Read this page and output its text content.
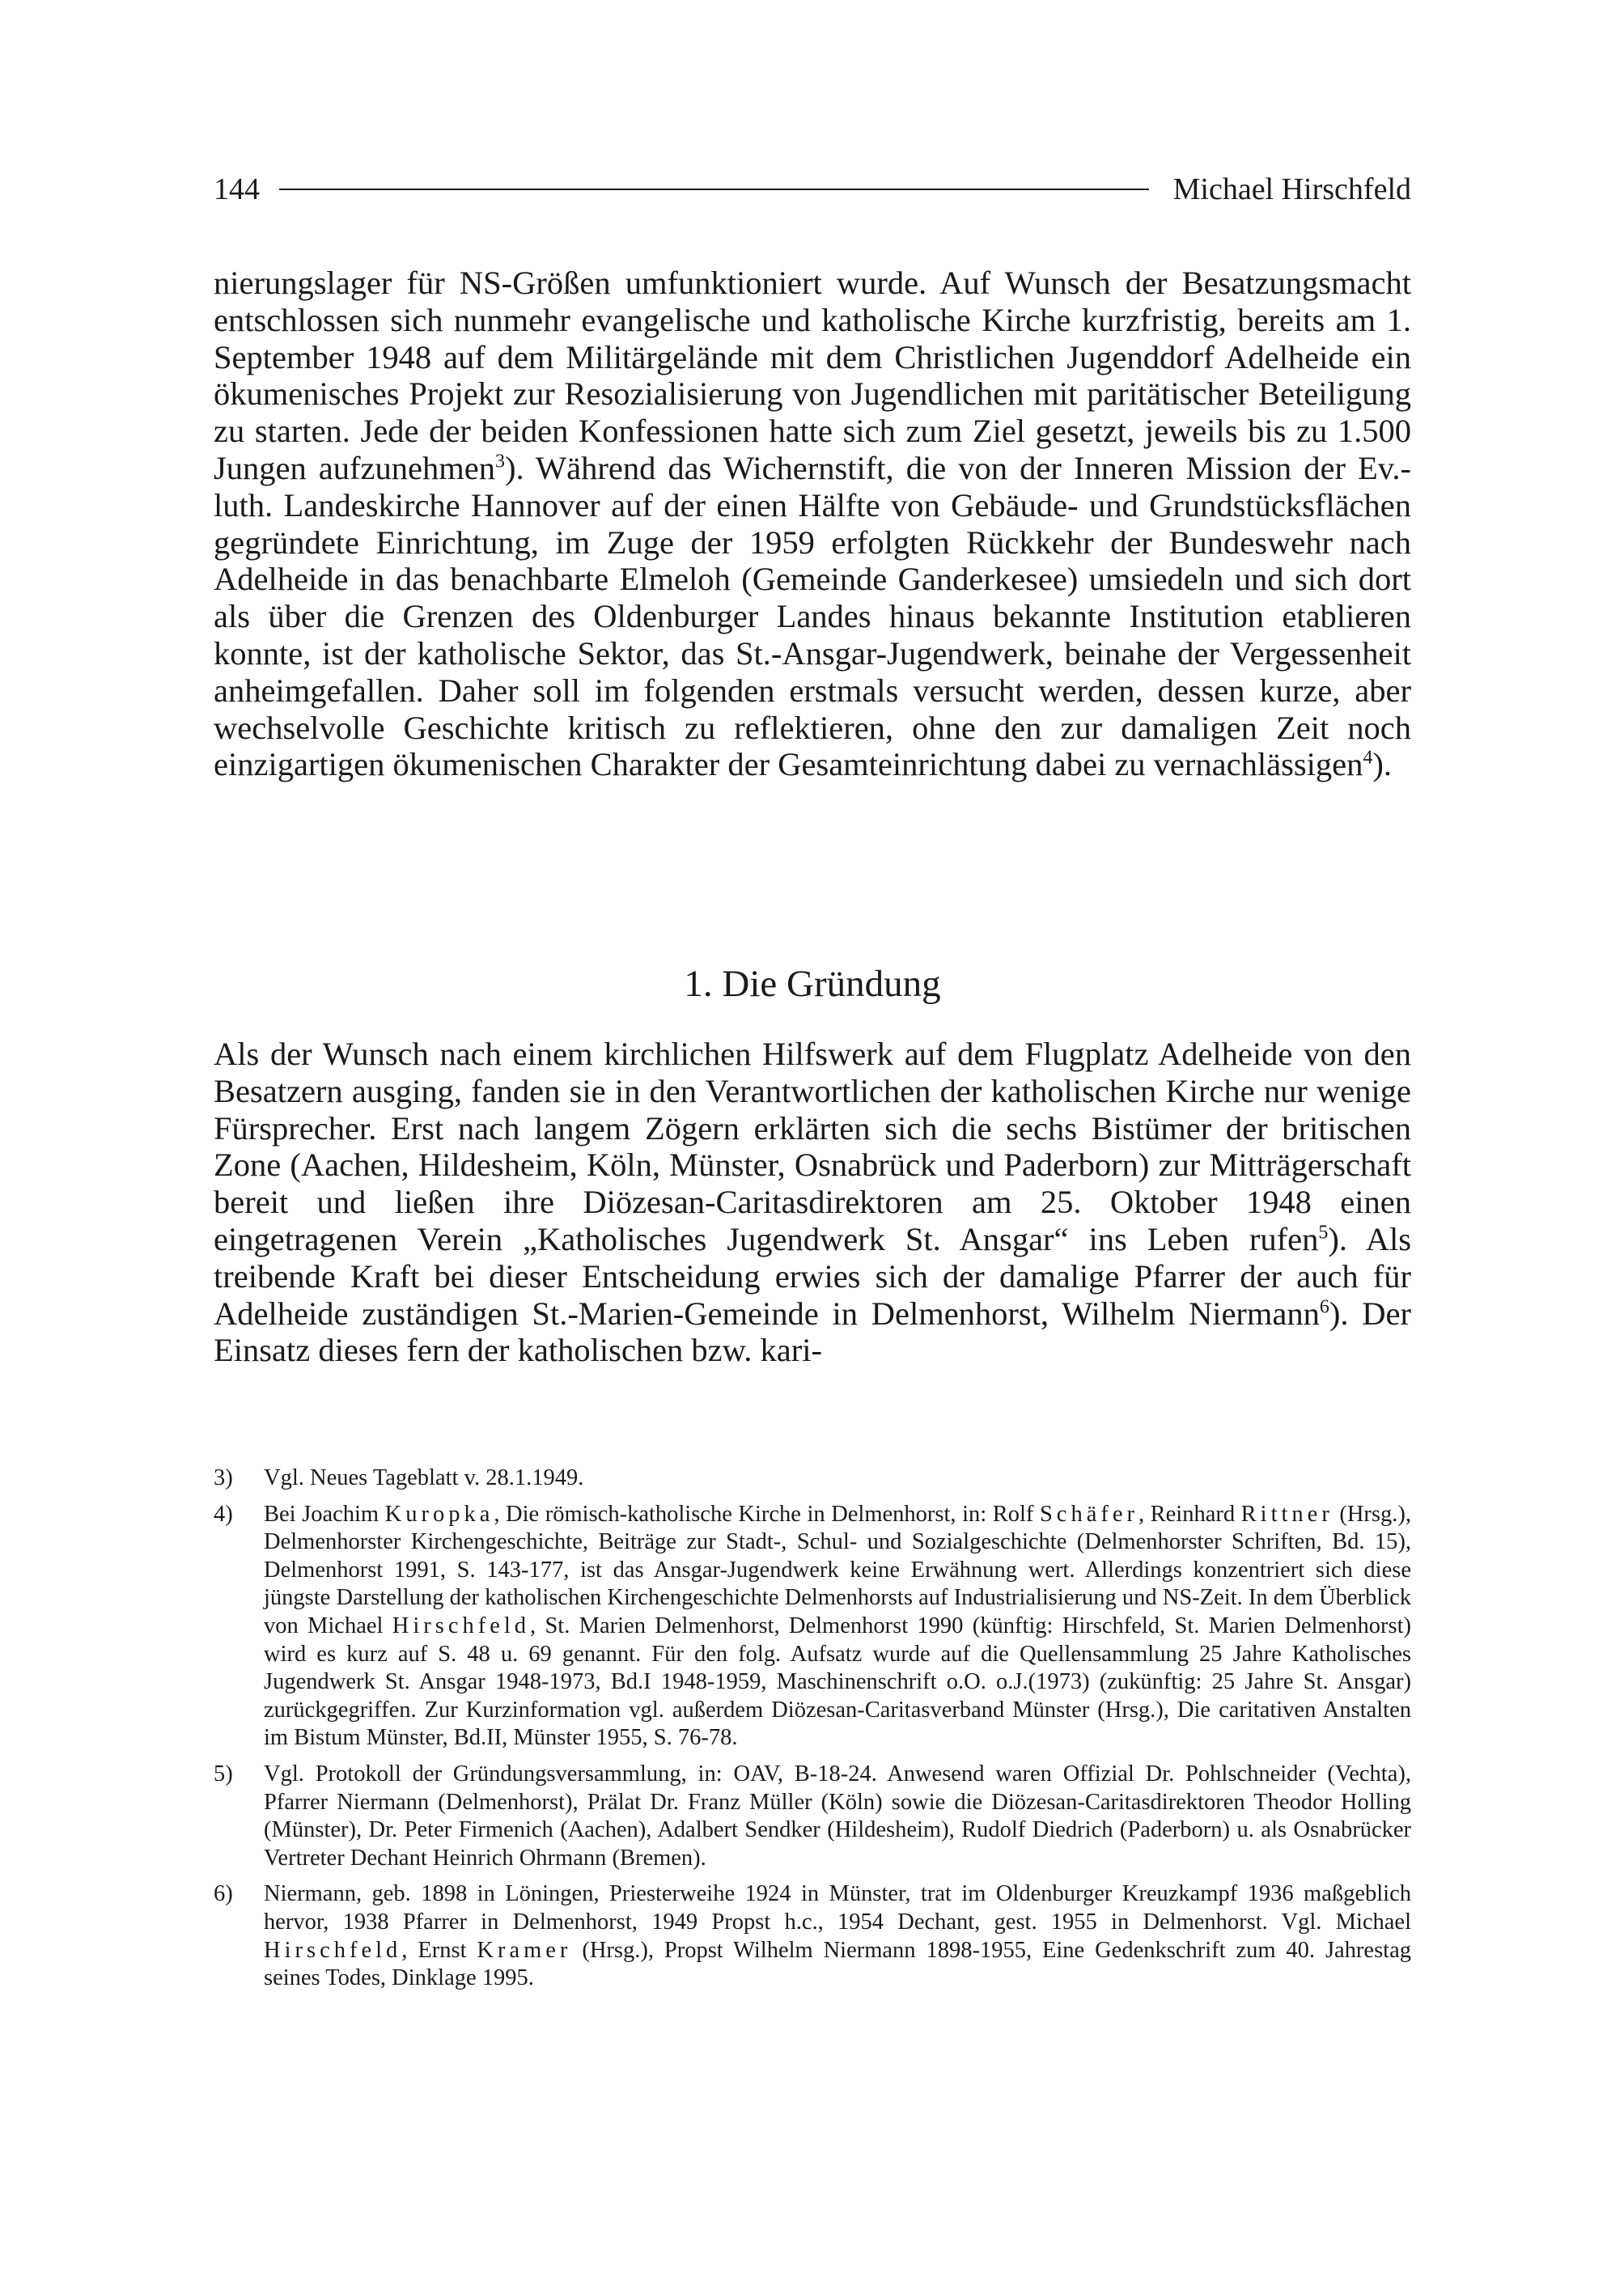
144	Michael Hirschfeld

nierungslager für NS-Größen umfunktioniert wurde. Auf Wunsch der Besatzungsmacht entschlossen sich nunmehr evangelische und katholische Kirche kurzfristig, bereits am 1. September 1948 auf dem Militärgelände mit dem Christlichen Jugenddorf Adelheide ein ökumenisches Projekt zur Resozialisierung von Jugendlichen mit paritätischer Beteiligung zu starten. Jede der beiden Konfessionen hatte sich zum Ziel gesetzt, jeweils bis zu 1.500 Jungen aufzunehmen$^3$). Während das Wichernstift, die von der Inneren Mission der Ev.-luth. Landeskirche Hannover auf der einen Hälfte von Gebäude- und Grundstücksflächen gegründete Einrichtung, im Zuge der 1959 erfolgten Rückkehr der Bundeswehr nach Adelheide in das benachbarte Elmeloh (Gemeinde Ganderkesee) umsiedeln und sich dort als über die Grenzen des Oldenburger Landes hinaus bekannte Institution etablieren konnte, ist der katholische Sektor, das St.-Ansgar-Jugendwerk, beinahe der Vergessenheit anheimgefallen. Daher soll im folgenden erstmals versucht werden, dessen kurze, aber wechselvolle Geschichte kritisch zu reflektieren, ohne den zur damaligen Zeit noch einzigartigen ökumenischen Charakter der Gesamteinrichtung dabei zu vernachlässigen$^4$).

1. Die Gründung

Als der Wunsch nach einem kirchlichen Hilfswerk auf dem Flugplatz Adelheide von den Besatzern ausging, fanden sie in den Verantwortlichen der katholischen Kirche nur wenige Fürsprecher. Erst nach langem Zögern erklärten sich die sechs Bistümer der britischen Zone (Aachen, Hildesheim, Köln, Münster, Osnabrück und Paderborn) zur Mitträgerschaft bereit und ließen ihre Diözesan-Caritasdirektoren am 25. Oktober 1948 einen eingetragenen Verein „Katholisches Jugendwerk St. Ansgar“ ins Leben rufen$^5$). Als treibende Kraft bei dieser Entscheidung erwies sich der damalige Pfarrer der auch für Adelheide zuständigen St.-Marien-Gemeinde in Delmenhorst, Wilhelm Niermann$^6$). Der Einsatz dieses fern der katholischen bzw. kari-

3)	Vgl. Neues Tageblatt v. 28.1.1949.
4)	Bei Joachim Kuropka, Die römisch-katholische Kirche in Delmenhorst, in: Rolf Schäfer, Reinhard Rittner (Hrsg.), Delmenhorster Kirchengeschichte, Beiträge zur Stadt-, Schul- und Sozialgeschichte (Delmenhorster Schriften, Bd. 15), Delmenhorst 1991, S. 143-177, ist das Ansgar-Jugendwerk keine Erwähnung wert. Allerdings konzentriert sich diese jüngste Darstellung der katholischen Kirchengeschichte Delmenhorsts auf Industrialisierung und NS-Zeit. In dem Überblick von Michael Hirschfeld, St. Marien Delmenhorst, Delmenhorst 1990 (künftig: Hirschfeld, St. Marien Delmenhorst) wird es kurz auf S. 48 u. 69 genannt. Für den folg. Aufsatz wurde auf die Quellensammlung 25 Jahre Katholisches Jugendwerk St. Ansgar 1948-1973, Bd.I 1948-1959, Maschinenschrift o.O. o.J.(1973) (zukünftig: 25 Jahre St. Ansgar) zurückgegriffen. Zur Kurzinformation vgl. außerdem Diözesan-Caritasverband Münster (Hrsg.), Die caritativen Anstalten im Bistum Münster, Bd.II, Münster 1955, S. 76-78.
5)	Vgl. Protokoll der Gründungsversammlung, in: OAV, B-18-24. Anwesend waren Offizial Dr. Pohlschneider (Vechta), Pfarrer Niermann (Delmenhorst), Prälat Dr. Franz Müller (Köln) sowie die Diözesan-Caritasdirektoren Theodor Holling (Münster), Dr. Peter Firmenich (Aachen), Adalbert Sendker (Hildesheim), Rudolf Diedrich (Paderborn) u. als Osnabrücker Vertreter Dechant Heinrich Ohrmann (Bremen).
6)	Niermann, geb. 1898 in Löningen, Priesterweihe 1924 in Münster, trat im Oldenburger Kreuzkampf 1936 maßgeblich hervor, 1938 Pfarrer in Delmenhorst, 1949 Propst h.c., 1954 Dechant, gest. 1955 in Delmenhorst. Vgl. Michael Hirschfeld, Ernst Kramer (Hrsg.), Propst Wilhelm Niermann 1898-1955, Eine Gedenkschrift zum 40. Jahrestag seines Todes, Dinklage 1995.
